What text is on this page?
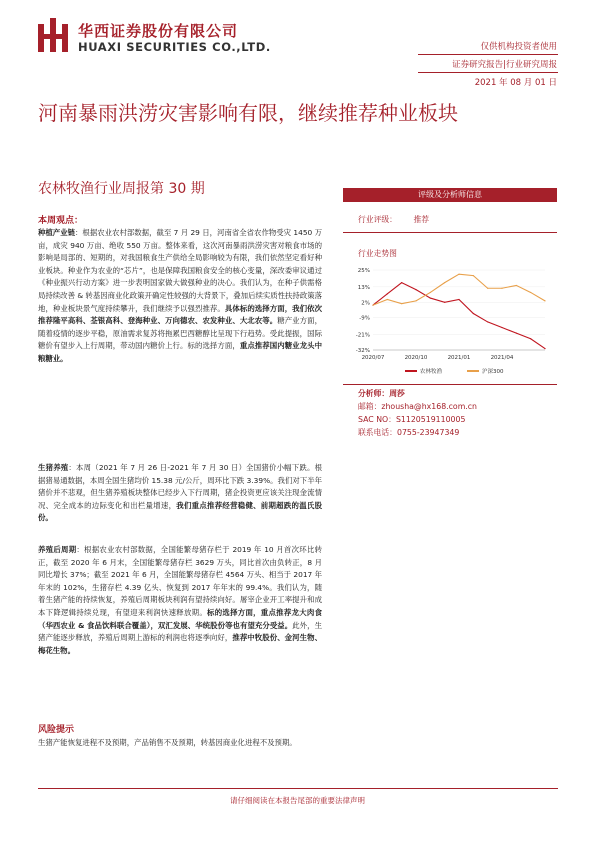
华西证券股份有限公司
HUAXI SECURITIES CO.,LTD.	仅供机构投资者使用
证券研究报告|行业研究周报
2021 年 08 月 01 日
河南暴雨洪涝灾害影响有限，继续推荐种业板块
农林牧渔行业周报第 30 期
本周观点：

种植产业链：根据农业农村部数据，截至 7 月 29 日，河南省全省农作物受灾 1450 万亩，成灾 940 万亩、绝收 550 万亩。整体来看，这次河南暴雨洪涝灾害对粮食市场的影响是局部的、短期的，对我国粮食生产供给全局影响较为有限，我们依然坚定看好种业板块。种业作为农业的“芯片”，也是保障我国粮食安全的核心变量，深改委审议通过《种业振兴行动方案》进一步表明国家做大做强种业的决心。我们认为，在种子供需格局持续改善 & 转基因商业化政策开确定性较强的大背景下，叠加后续实质性扶持政策落地，种业板块景气度持续攀升，我们继续予以强烈推荐。具体标的选择方面，我们依次推荐隆平高科、荃银高科、登海种业、万向德农、农发种业、大北农等。糖产业方面，随着疫情的逐步平稳，原油需求复苏将拖累巴西糖醇比呈现下行趋势。受此提振，国际糖价有望步入上行周期，带动国内糖价上行。标的选择方面，重点推荐国内糖业龙头中粮糖业。

生猪养殖：本周（2021 年 7 月 26 日-2021 年 7 月 30 日）全国猪价小幅下跌。根据猪易通数据，本周全国生猪均价 15.38 元/公斤，周环比下跌 3.39%。我们对下半年猪价并不悲观，但生猪养殖板块整体已经步入下行周期，猪企投资更应该关注现金流情况、完全成本的边际变化和出栏量增速，我们重点推荐经营稳健、前期超跌的温氏股份。

养殖后周期：根据农业农村部数据，全国能繁母猪存栏于 2019 年 10 月首次环比转正，截至 2020 年 6 月末，全国能繁母猪存栏 3629 万头，同比首次由负转正，8 月同比增长 37%；截至 2021 年 6 月，全国能繁母猪存栏 4564 万头、相当于 2017 年年末的 102%，生猪存栏 4.39 亿头、恢复到 2017 年年末的 99.4%。我们认为，随着生猪产能的持续恢复，养殖后周期板块利润有望持续向好。屠宰企业开工率提升和成本下降逻辑持续兑现，有望迎来利润快速释放期。标的选择方面，重点推荐龙大肉食（华西农业 & 食品饮料联合覆盖），双汇发展、华统股份等也有望充分受益。此外，生猪产能逐步释放，养殖后周期上游标的利润也将逐季向好，推荐中牧股份、金河生物、梅花生物。

风险提示
生猪产能恢复进程不及预期，产品销售不及预期，转基因商业化进程不及预期。
评级及分析师信息
行业评级： 推荐
行业走势图
25%
13%
2%
-9%
-21%
-32%
2020/07	2020/10	2021/01	2021/04
农林牧渔	沪深300
分析师：周莎
邮箱：zhousha@hx168.com.cn
SAC NO：S1120519110005
联系电话：0755-23947349
请仔细阅读在本报告尾部的重要法律声明
